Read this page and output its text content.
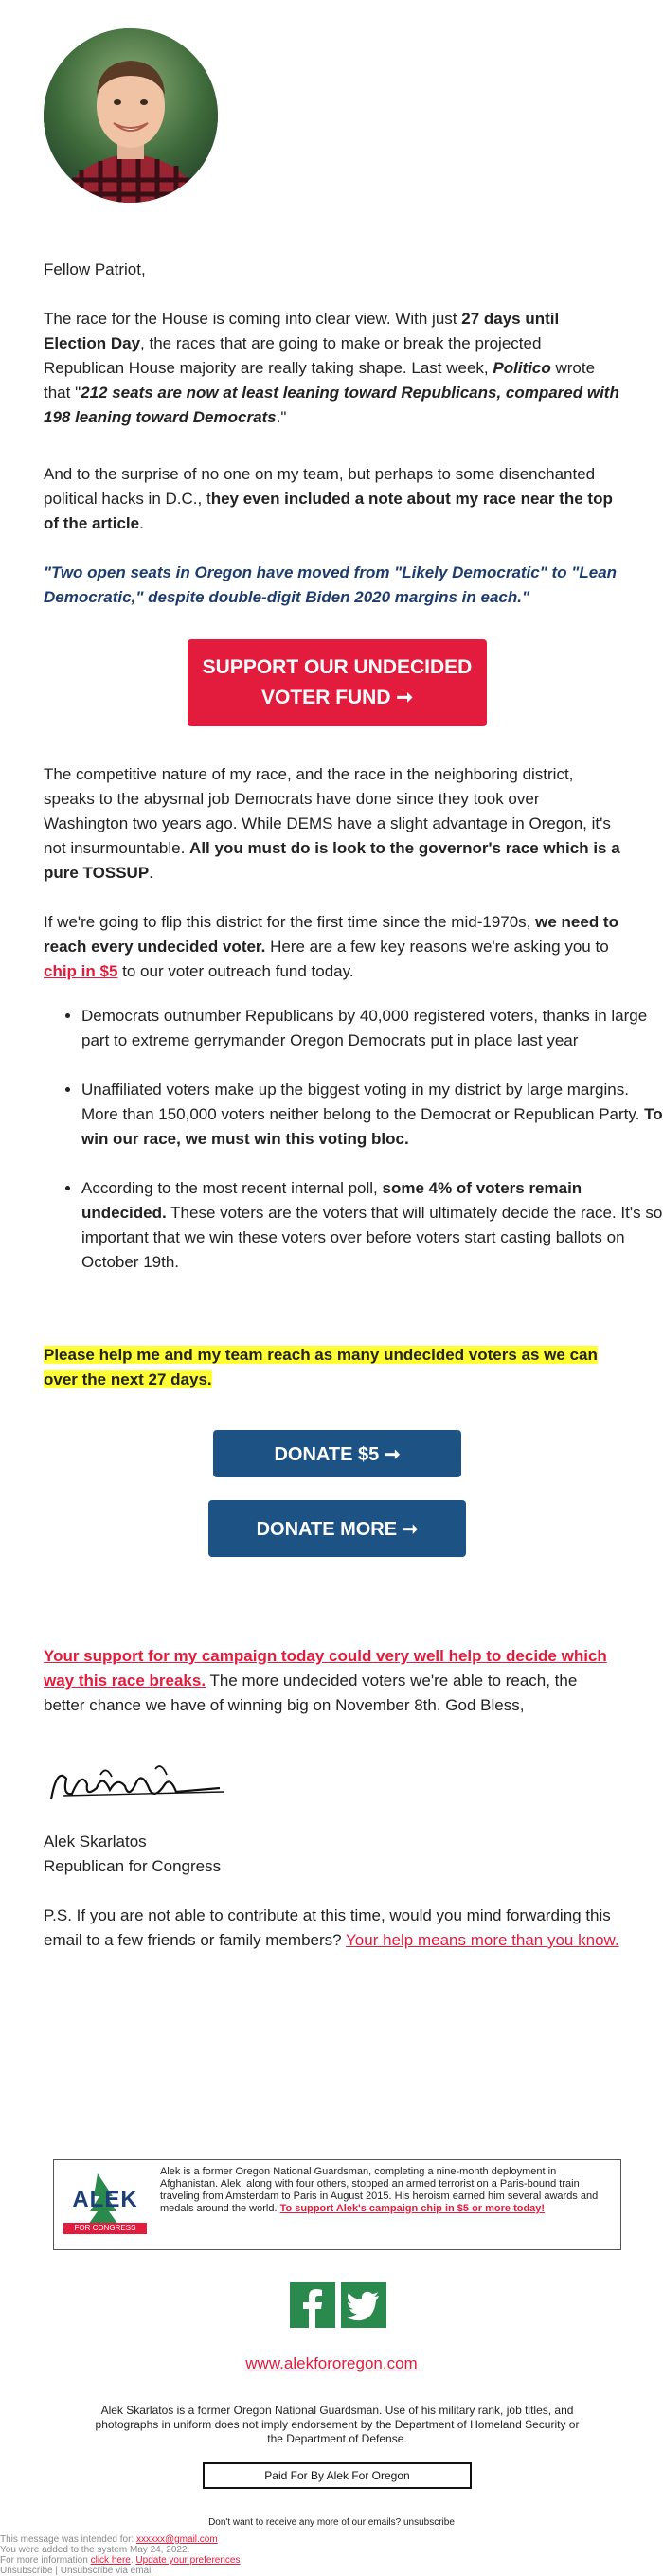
Fellow Patriot,

The race for the House is coming into clear view. With just 27 days until Election Day, the races that are going to make or break the projected Republican House majority are really taking shape. Last week, Politico wrote that "212 seats are now at least leaning toward Republicans, compared with 198 leaning toward Democrats."

And to the surprise of no one on my team, but perhaps to some disenchanted political hacks in D.C., they even included a note about my race near the top of the article.

"Two open seats in Oregon have moved from "Likely Democratic" to "Lean Democratic," despite double-digit Biden 2020 margins in each."

SUPPORT OUR UNDECIDED
VOTER FUND ➞

The competitive nature of my race, and the race in the neighboring district, speaks to the abysmal job Democrats have done since they took over Washington two years ago. While DEMS have a slight advantage in Oregon, it's not insurmountable. All you must do is look to the governor's race which is a pure TOSSUP.

If we're going to flip this district for the first time since the mid-1970s, we need to reach every undecided voter. Here are a few key reasons we're asking you to chip in $5 to our voter outreach fund today.

• Democrats outnumber Republicans by 40,000 registered voters, thanks in large part to extreme gerrymander Oregon Democrats put in place last year
• Unaffiliated voters make up the biggest voting in my district by large margins. More than 150,000 voters neither belong to the Democrat or Republican Party. To win our race, we must win this voting bloc.
• According to the most recent internal poll, some 4% of voters remain undecided. These voters are the voters that will ultimately decide the race. It's so important that we win these voters over before voters start casting ballots on October 19th.

Please help me and my team reach as many undecided voters as we can over the next 27 days.

DONATE $5 ➞
DONATE MORE ➞

Your support for my campaign today could very well help to decide which way this race breaks. The more undecided voters we're able to reach, the better chance we have of winning big on November 8th. God Bless,

Alek Skarlatos

Republican for Congress

P.S. If you are not able to contribute at this time, would you mind forwarding this email to a few friends or family members? Your help means more than you know.

ALEK
FOR CONGRESS
Alek is a former Oregon National Guardsman, completing a nine-month deployment in Afghanistan. Alek, along with four others, stopped an armed terrorist on a Paris-bound train traveling from Amsterdam to Paris in August 2015. His heroism earned him several awards and medals around the world. To support Alek's campaign chip in $5 or more today!
www.alekfororegon.com
Alek Skarlatos is a former Oregon National Guardsman. Use of his military rank, job titles, and photographs in uniform does not imply endorsement by the Department of Homeland Security or the Department of Defense.
Paid For By Alek For Oregon
Don't want to receive any more of our emails? unsubscribe
This message was intended for: xxxxxx@gmail.com
You were added to the system May 24, 2022.
For more information click here. Update your preferences
Unsubscribe | Unsubscribe via email
